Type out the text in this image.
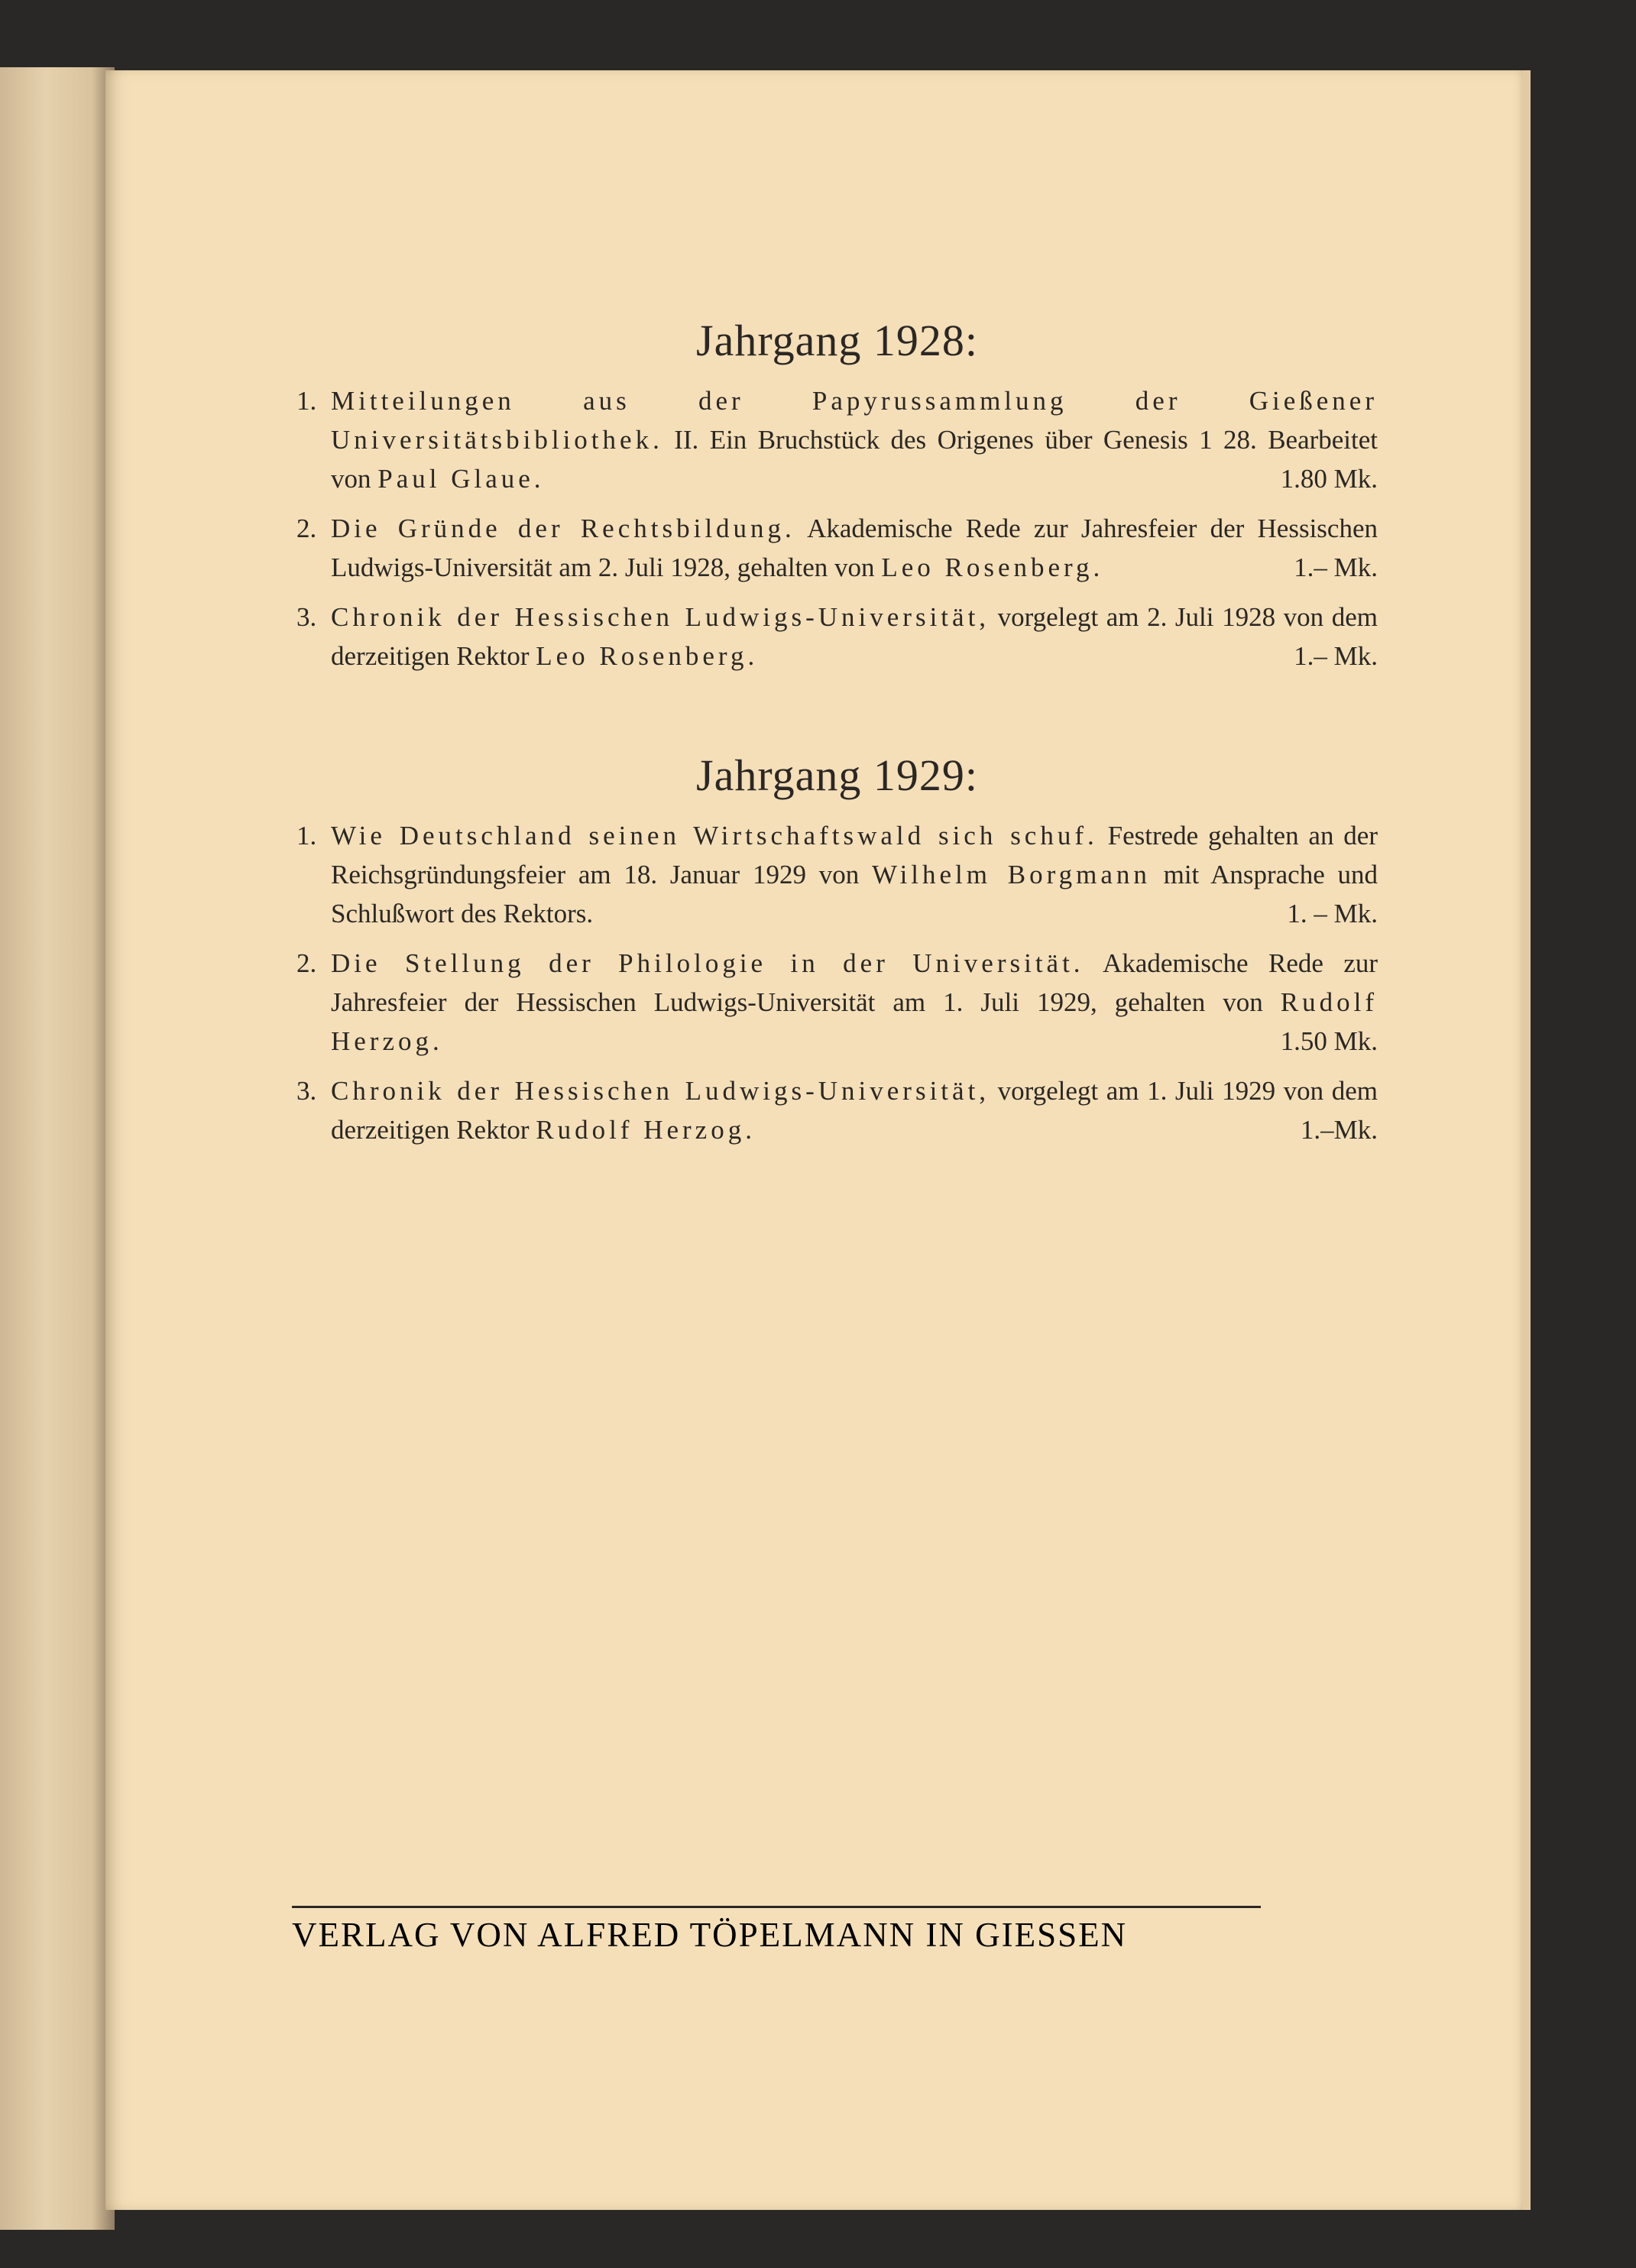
Jahrgang 1928:
1. Mitteilungen aus der Papyrussammlung der Gießener Universitätsbibliothek. II. Ein Bruchstück des Origenes über Genesis 1 28. Bearbeitet von Paul Glaue.	1.80 Mk.
2. Die Gründe der Rechtsbildung. Akademische Rede zur Jahresfeier der Hessischen Ludwigs-Universität am 2. Juli 1928, gehalten von Leo Rosenberg.	1.– Mk.
3. Chronik der Hessischen Ludwigs-Universität, vorgelegt am 2. Juli 1928 von dem derzeitigen Rektor Leo Rosenberg.	1.– Mk.
Jahrgang 1929:
1. Wie Deutschland seinen Wirtschaftswald sich schuf. Festrede gehalten an der Reichsgründungsfeier am 18. Januar 1929 von Wilhelm Borgmann mit Ansprache und Schlußwort des Rektors.	1. – Mk.
2. Die Stellung der Philologie in der Universität. Akademische Rede zur Jahresfeier der Hessischen Ludwigs-Universität am 1. Juli 1929, gehalten von Rudolf Herzog.	1.50 Mk.
3. Chronik der Hessischen Ludwigs-Universität, vorgelegt am 1. Juli 1929 von dem derzeitigen Rektor Rudolf Herzog.	1.–Mk.
VERLAG VON ALFRED TÖPELMANN IN GIESSEN
